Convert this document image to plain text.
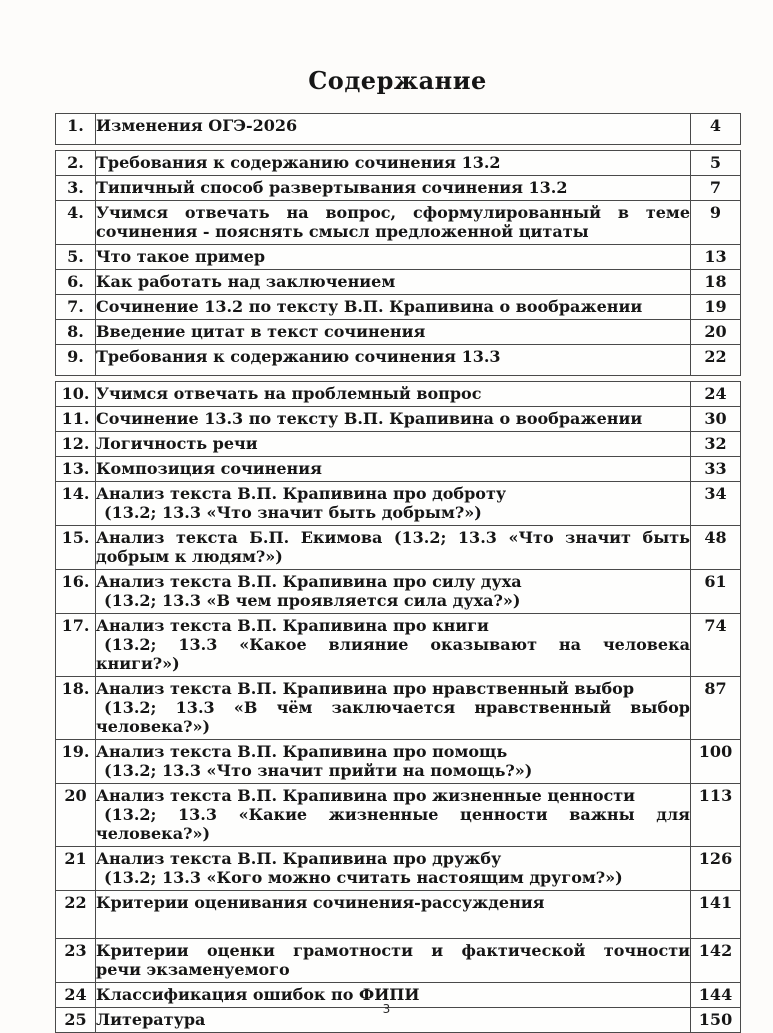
Содержание
1.	Изменения ОГЭ-2026	4

2.	Требования к содержанию сочинения 13.2	5
3.	Типичный способ развертывания сочинения 13.2	7
4.	Учимся отвечать на вопрос, сформулированный в теме
сочинения - пояснять смысл предложенной цитаты	9
5.	Что такое пример	13
6.	Как работать над заключением	18
7.	Сочинение 13.2 по тексту В.П. Крапивина о воображении	19
8.	Введение цитат в текст сочинения	20
9.	Требования к содержанию сочинения 13.3	22

10.	Учимся отвечать на проблемный вопрос	24
11.	Сочинение 13.3 по тексту В.П. Крапивина о воображении	30
12.	Логичность речи	32
13.	Композиция сочинения	33
14.	Анализ текста В.П. Крапивина про доброту
(13.2; 13.3 «Что значит быть добрым?»)	34
15.	Анализ текста Б.П. Екимова (13.2; 13.3 «Что значит быть
добрым к людям?»)	48
16.	Анализ текста В.П. Крапивина про силу духа
(13.2; 13.3 «В чем проявляется сила духа?»)	61
17.	Анализ текста В.П. Крапивина про книги
(13.2; 13.3 «Какое влияние оказывают на человека
книги?»)	74
18.	Анализ текста В.П. Крапивина про нравственный выбор
(13.2; 13.3 «В чём заключается нравственный выбор
человека?»)	87
19.	Анализ текста В.П. Крапивина про помощь
(13.2; 13.3 «Что значит прийти на помощь?»)	100
20	Анализ текста В.П. Крапивина про жизненные ценности
(13.2; 13.3 «Какие жизненные ценности важны для
человека?»)	113
21	Анализ текста В.П. Крапивина про дружбу
(13.2; 13.3 «Кого можно считать настоящим другом?»)	126
22	Критерии оценивания сочинения-рассуждения	141
23	Критерии оценки грамотности и фактической точности
речи экзаменуемого	142
24	Классификация ошибок по ФИПИ	144
25	Литература	150
3
